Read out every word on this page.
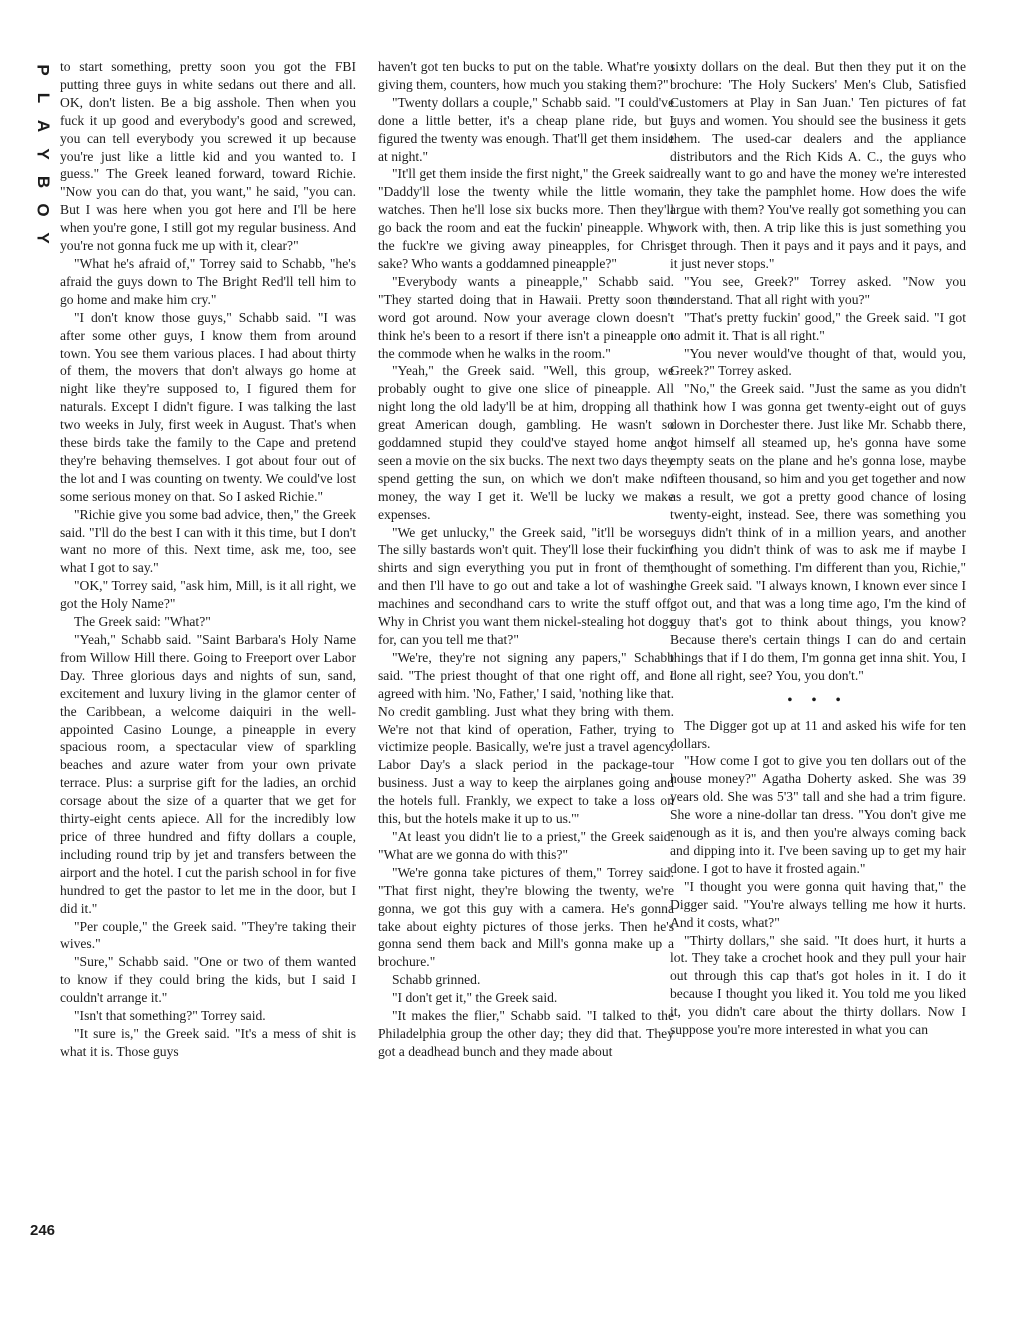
P
L
A
Y
B
O
Y
246

to start something, pretty soon you got the FBI putting three guys in white sedans out there and all. OK, don't listen. Be a big asshole. Then when you fuck it up good and everybody's good and screwed, you can tell everybody you screwed it up because you're just like a little kid and you wanted to. I guess." The Greek leaned forward, toward Richie. "Now you can do that, you want," he said, "you can. But I was here when you got here and I'll be here when you're gone, I still got my regular business. And you're not gonna fuck me up with it, clear?"

"What he's afraid of," Torrey said to Schabb, "he's afraid the guys down to The Bright Red'll tell him to go home and make him cry."

"I don't know those guys," Schabb said. "I was after some other guys, I know them from around town. You see them various places. I had about thirty of them, the movers that don't always go home at night like they're supposed to, I figured them for naturals. Except I didn't figure. I was talking the last two weeks in July, first week in August. That's when these birds take the family to the Cape and pretend they're behaving themselves. I got about four out of the lot and I was counting on twenty. We could've lost some serious money on that. So I asked Richie."

"Richie give you some bad advice, then," the Greek said. "I'll do the best I can with it this time, but I don't want no more of this. Next time, ask me, too, see what I got to say."

"OK," Torrey said, "ask him, Mill, is it all right, we got the Holy Name?"

The Greek said: "What?"

"Yeah," Schabb said. "Saint Barbara's Holy Name from Willow Hill there. Going to Freeport over Labor Day. Three glorious days and nights of sun, sand, excitement and luxury living in the glamor center of the Caribbean, a welcome daiquiri in the well-appointed Casino Lounge, a pineapple in every spacious room, a spectacular view of sparkling beaches and azure water from your own private terrace. Plus: a surprise gift for the ladies, an orchid corsage about the size of a quarter that we get for thirty-eight cents apiece. All for the incredibly low price of three hundred and fifty dollars a couple, including round trip by jet and transfers between the airport and the hotel. I cut the parish school in for five hundred to get the pastor to let me in the door, but I did it."

"Per couple," the Greek said. "They're taking their wives."

"Sure," Schabb said. "One or two of them wanted to know if they could bring the kids, but I said I couldn't arrange it."

"Isn't that something?" Torrey said.

"It sure is," the Greek said. "It's a mess of shit is what it is. Those guys

haven't got ten bucks to put on the table. What're you giving them, counters, how much you staking them?"

"Twenty dollars a couple," Schabb said. "I could've done a little better, it's a cheap plane ride, but I figured the twenty was enough. That'll get them inside at night."

"It'll get them inside the first night," the Greek said. "Daddy'll lose the twenty while the little woman watches. Then he'll lose six bucks more. Then they'll go back the room and eat the fuckin' pineapple. Why the fuck're we giving away pineapples, for Christ sake? Who wants a goddamned pineapple?"

"Everybody wants a pineapple," Schabb said. "They started doing that in Hawaii. Pretty soon the word got around. Now your average clown doesn't think he's been to a resort if there isn't a pineapple on the commode when he walks in the room."

"Yeah," the Greek said. "Well, this group, we probably ought to give one slice of pineapple. All night long the old lady'll be at him, dropping all that great American dough, gambling. He wasn't so goddamned stupid they could've stayed home and seen a movie on the six bucks. The next two days they spend getting the sun, on which we don't make no money, the way I get it. We'll be lucky we make expenses.

"We get unlucky," the Greek said, "it'll be worse. The silly bastards won't quit. They'll lose their fuckin' shirts and sign everything you put in front of them, and then I'll have to go out and take a lot of washing machines and secondhand cars to write the stuff off. Why in Christ you want them nickel-stealing hot dogs for, can you tell me that?"

"We're, they're not signing any papers," Schabb said. "The priest thought of that one right off, and I agreed with him. 'No, Father,' I said, 'nothing like that. No credit gambling. Just what they bring with them. We're not that kind of operation, Father, trying to victimize people. Basically, we're just a travel agency. Labor Day's a slack period in the package-tour business. Just a way to keep the airplanes going and the hotels full. Frankly, we expect to take a loss on this, but the hotels make it up to us.'"

"At least you didn't lie to a priest," the Greek said. "What are we gonna do with this?"

"We're gonna take pictures of them," Torrey said. "That first night, they're blowing the twenty, we're gonna, we got this guy with a camera. He's gonna take about eighty pictures of those jerks. Then he's gonna send them back and Mill's gonna make up a brochure."

Schabb grinned.

"I don't get it," the Greek said.

"It makes the flier," Schabb said. "I talked to the Philadelphia group the other day; they did that. They got a deadhead bunch and they made about

sixty dollars on the deal. But then they put it on the brochure: 'The Holy Suckers' Men's Club, Satisfied Customers at Play in San Juan.' Ten pictures of fat guys and women. You should see the business it gets them. The used-car dealers and the appliance distributors and the Rich Kids A. C., the guys who really want to go and have the money we're interested in, they take the pamphlet home. How does the wife argue with them? You've really got something you can work with, then. A trip like this is just something you get through. Then it pays and it pays and it pays, and it just never stops."

"You see, Greek?" Torrey asked. "Now you understand. That all right with you?"

"That's pretty fuckin' good," the Greek said. "I got to admit it. That is all right."

"You never would've thought of that, would you, Greek?" Torrey asked.

"No," the Greek said. "Just the same as you didn't think how I was gonna get twenty-eight out of guys down in Dorchester there. Just like Mr. Schabb there, got himself all steamed up, he's gonna have some empty seats on the plane and he's gonna lose, maybe fifteen thousand, so him and you get together and now as a result, we got a pretty good chance of losing twenty-eight, instead. See, there was something you guys didn't think of in a million years, and another thing you didn't think of was to ask me if maybe I thought of something. I'm different than you, Richie," the Greek said. "I always known, I known ever since I got out, and that was a long time ago, I'm the kind of guy that's got to think about things, you know? Because there's certain things I can do and certain things that if I do them, I'm gonna get inna shit. You, I done all right, see? You, you don't."

• • •

The Digger got up at 11 and asked his wife for ten dollars.

"How come I got to give you ten dollars out of the house money?" Agatha Doherty asked. She was 39 years old. She was 5'3" tall and she had a trim figure. She wore a nine-dollar tan dress. "You don't give me enough as it is, and then you're always coming back and dipping into it. I've been saving up to get my hair done. I got to have it frosted again."

"I thought you were gonna quit having that," the Digger said. "You're always telling me how it hurts. And it costs, what?"

"Thirty dollars," she said. "It does hurt, it hurts a lot. They take a crochet hook and they pull your hair out through this cap that's got holes in it. I do it because I thought you liked it. You told me you liked it, you didn't care about the thirty dollars. Now I suppose you're more interested in what you can
